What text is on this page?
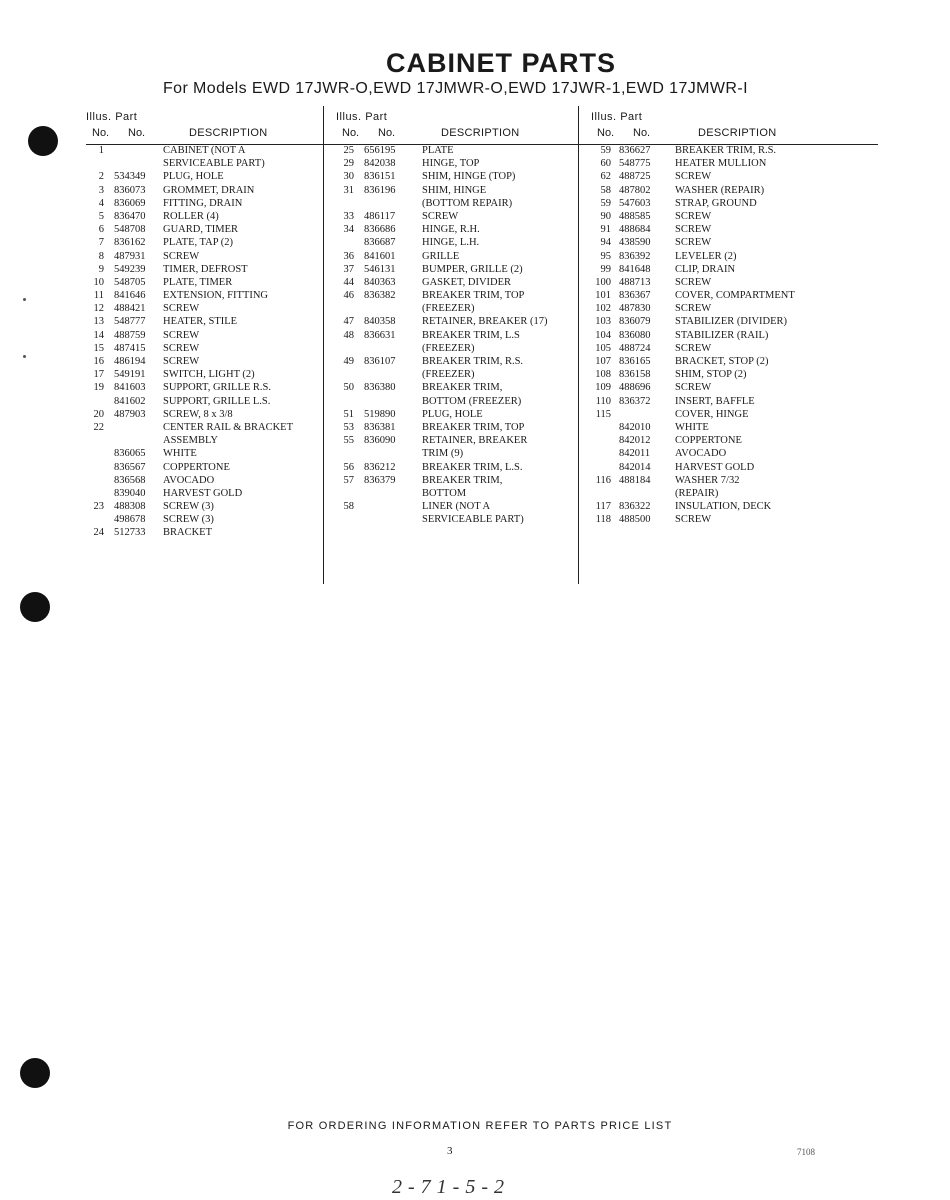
CABINET PARTS
For Models EWD 17JWR-O,EWD 17JMWR-O,EWD 17JWR-1,EWD 17JMWR-I
Illus. Part
No. No.	DESCRIPTION
1	CABINET (NOT A
SERVICEABLE PART)
2 534349 PLUG, HOLE
3 836073 GROMMET, DRAIN
4 836069 FITTING, DRAIN
5 836470 ROLLER (4)
6 548708 GUARD, TIMER
7 836162 PLATE, TAP (2)
8 487931 SCREW
9 549239 TIMER, DEFROST
10 548705 PLATE, TIMER
11 841646 EXTENSION, FITTING
12 488421 SCREW
13 548777 HEATER, STILE
14 488759 SCREW
15 487415 SCREW
16 486194 SCREW
17 549191 SWITCH, LIGHT (2)
19 841603 SUPPORT, GRILLE R.S.
841602 SUPPORT, GRILLE L.S.
20 487903 SCREW, 8 x 3/8
22	CENTER RAIL & BRACKET
ASSEMBLY
836065 WHITE
836567 COPPERTONE
836568 AVOCADO
839040 HARVEST GOLD
23 488308 SCREW (3)
498678 SCREW (3)
24 512733 BRACKET
Illus. Part
No. No.	DESCRIPTION
25 656195	PLATE
29 842038	HINGE, TOP
30 836151	SHIM, HINGE (TOP)
31 836196	SHIM, HINGE
(BOTTOM REPAIR)
33 486117	SCREW
34 836686	HINGE, R.H.
836687	HINGE, L.H.
36 841601	GRILLE
37 546131	BUMPER, GRILLE (2)
44 840363	GASKET, DIVIDER
46 836382	BREAKER TRIM, TOP
(FREEZER)
47 840358	RETAINER, BREAKER (17)
48 836631	BREAKER TRIM, L.S
(FREEZER)
49 836107	BREAKER TRIM, R.S.
(FREEZER)
50 836380	BREAKER TRIM,
BOTTOM (FREEZER)
51 519890	PLUG, HOLE
53 836381	BREAKER TRIM, TOP
55 836090	RETAINER, BREAKER
TRIM (9)
56 836212	BREAKER TRIM, L.S.
57 836379	BREAKER TRIM,
BOTTOM
58	LINER (NOT A
SERVICEABLE PART)
Illus. Part
No. No.	DESCRIPTION
59 836627 BREAKER TRIM, R.S.
60 548775 HEATER MULLION
62 488725 SCREW
58 487802 WASHER (REPAIR)
59 547603 STRAP, GROUND
90 488585 SCREW
91 488684 SCREW
94 438590 SCREW
95 836392 LEVELER (2)
99 841648 CLIP, DRAIN
100 488713 SCREW
101 836367 COVER, COMPARTMENT
102 487830 SCREW
103 836079 STABILIZER (DIVIDER)
104 836080 STABILIZER (RAIL)
105 488724 SCREW
107 836165 BRACKET, STOP (2)
108 836158 SHIM, STOP (2)
109 488696 SCREW
110 836372 INSERT, BAFFLE
115	COVER, HINGE
842010 WHITE
842012 COPPERTONE
842011 AVOCADO
842014 HARVEST GOLD
116 488184 WASHER 7/32
(REPAIR)
117 836322 INSULATION, DECK
118 488500 SCREW
FOR ORDERING INFORMATION REFER TO PARTS PRICE LIST
3	7108
2-71-5-2
